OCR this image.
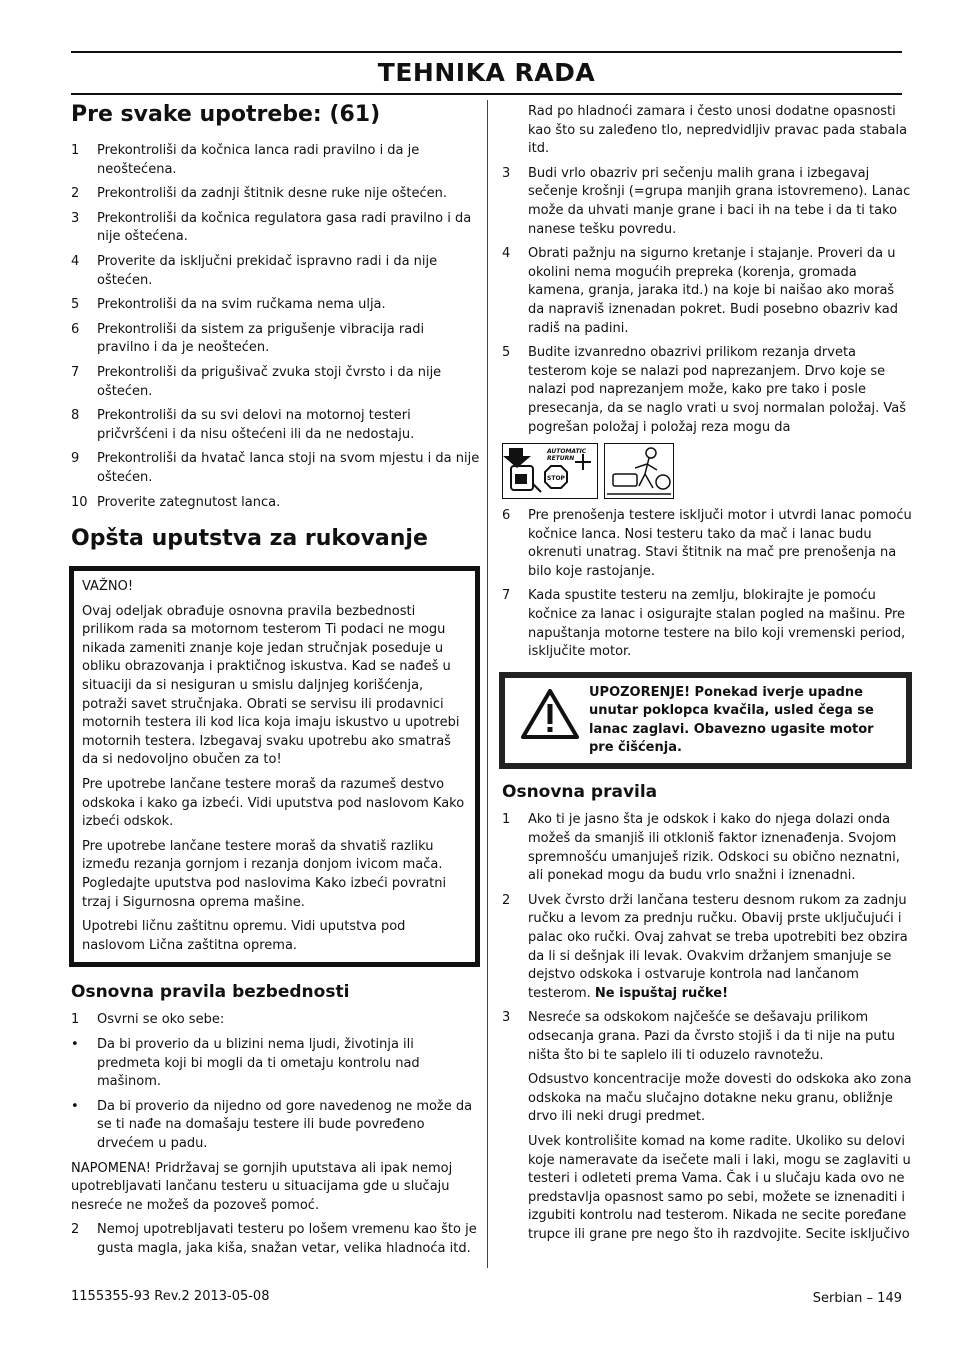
TEHNIKA RADA
Pre svake upotrebe: (61)
1	Prekontroliši da kočnica lanca radi pravilno i da je neoštećena.
2	Prekontroliši da zadnji štitnik desne ruke nije oštećen.
3	Prekontroliši da kočnica regulatora gasa radi pravilno i da nije oštećena.
4	Proverite da isključni prekidač ispravno radi i da nije oštećen.
5	Prekontroliši da na svim ručkama nema ulja.
6	Prekontroliši da sistem za prigušenje vibracija radi pravilno i da je neoštećen.
7	Prekontroliši da prigušivač zvuka stoji čvrsto i da nije oštećen.
8	Prekontroliši da su svi delovi na motornoj testeri pričvršćeni i da nisu oštećeni ili da ne nedostaju.
9	Prekontroliši da hvatač lanca stoji na svom mjestu i da nije oštećen.
10 Proverite zategnutost lanca.
Opšta uputstva za rukovanje

VAŽNO!

Ovaj odeljak obrađuje osnovna pravila bezbednosti prilikom rada sa motornom testerom Ti podaci ne mogu nikada zameniti znanje koje jedan stručnjak poseduje u obliku obrazovanja i praktičnog iskustva. Kad se nađeš u situaciji da si nesiguran u smislu daljnjeg korišćenja, potraži savet stručnjaka. Obrati se servisu ili prodavnici motornih testera ili kod lica koja imaju iskustvo u upotrebi motornih testera. Izbegavaj svaku upotrebu ako smatraš da si nedovoljno obučen za to!

Pre upotrebe lančane testere moraš da razumeš destvo odskoka i kako ga izbeći. Vidi uputstva pod naslovom Kako izbeći odskok.

Pre upotrebe lančane testere moraš da shvatiš razliku između rezanja gornjom i rezanja donjom ivicom mača. Pogledajte uputstva pod naslovima Kako izbeći povratni trzaj i Sigurnosna oprema mašine.

Upotrebi ličnu zaštitnu opremu. Vidi uputstva pod naslovom Lična zaštitna oprema.

Osnovna pravila bezbednosti
1	Osvrni se oko sebe:
•	Da bi proverio da u blizini nema ljudi, životinja ili predmeta koji bi mogli da ti ometaju kontrolu nad mašinom.
•	Da bi proverio da nijedno od gore navedenog ne može da se ti nađe na domašaju testere ili bude povređeno drvećem u padu.

NAPOMENA! Pridržavaj se gornjih uputstava ali ipak nemoj upotrebljavati lančanu testeru u situacijama gde u slučaju nesreće ne možeš da pozoveš pomoć.

2	Nemoj upotrebljavati testeru po lošem vremenu kao što je gusta magla, jaka kiša, snažan vetar, velika hladnoća itd.

Rad po hladnoći zamara i često unosi dodatne opasnosti kao što su zaleđeno tlo, nepredvidljiv pravac pada stabala itd.

3	Budi vrlo obazriv pri sečenju malih grana i izbegavaj sečenje krošnji (=grupa manjih grana istovremeno). Lanac može da uhvati manje grane i baci ih na tebe i da ti tako nanese tešku povredu.
4	Obrati pažnju na sigurno kretanje i stajanje. Proveri da u okolini nema mogućih prepreka (korenja, gromada kamena, granja, jaraka itd.) na koje bi naišao ako moraš da napraviš iznenadan pokret. Budi posebno obazriv kad radiš na padini.
5	Budite izvanredno obazrivi prilikom rezanja drveta testerom koje se nalazi pod naprezanjem. Drvo koje se nalazi pod naprezanjem može, kako pre tako i posle presecanja, da se naglo vrati u svoj normalan položaj. Vaš pogrešan položaj i položaj reza mogu da
AUTOMATIC
RETURN
STOP
6	Pre prenošenja testere isključi motor i utvrdi lanac pomoću kočnice lanca. Nosi testeru tako da mač i lanac budu okrenuti unatrag. Stavi štitnik na mač pre prenošenja na bilo koje rastojanje.
7	Kada spustite testeru na zemlju, blokirajte je pomoću kočnice za lanac i osigurajte stalan pogled na mašinu. Pre napuštanja motorne testere na bilo koji vremenski period, isključite motor.
UPOZORENJE! Ponekad iverje upadne unutar poklopca kvačila, usled čega se lanac zaglavi. Obavezno ugasite motor pre čišćenja.
Osnovna pravila
1	Ako ti je jasno šta je odskok i kako do njega dolazi onda možeš da smanjiš ili otkloniš faktor iznenađenja. Svojom spremnošću umanjuješ rizik. Odskoci su obično neznatni, ali ponekad mogu da budu vrlo snažni i iznenadni.
2	Uvek čvrsto drži lančana testeru desnom rukom za zadnju ručku a levom za prednju ručku. Obavij prste uključujući i palac oko ručki. Ovaj zahvat se treba upotrebiti bez obzira da li si dešnjak ili levak. Ovakvim držanjem smanjuje se dejstvo odskoka i ostvaruje kontrola nad lančanom testerom. Ne ispuštaj ručke!
3	Nesreće sa odskokom najčešće se dešavaju prilikom odsecanja grana. Pazi da čvrsto stojiš i da ti nije na putu ništa što bi te saplelo ili ti oduzelo ravnotežu.

Odsustvo koncentracije može dovesti do odskoka ako zona odskoka na maču slučajno dotakne neku granu, obližnje drvo ili neki drugi predmet.

Uvek kontrolišite komad na kome radite. Ukoliko su delovi koje nameravate da isečete mali i laki, mogu se zaglaviti u testeri i odleteti prema Vama. Čak i u slučaju kada ovo ne predstavlja opasnost samo po sebi, možete se iznenaditi i izgubiti kontrolu nad testerom. Nikada ne secite poređane trupce ili grane pre nego što ih razdvojite. Secite isključivo

1155355-93 Rev.2 2013-05-08	Serbian – 149
